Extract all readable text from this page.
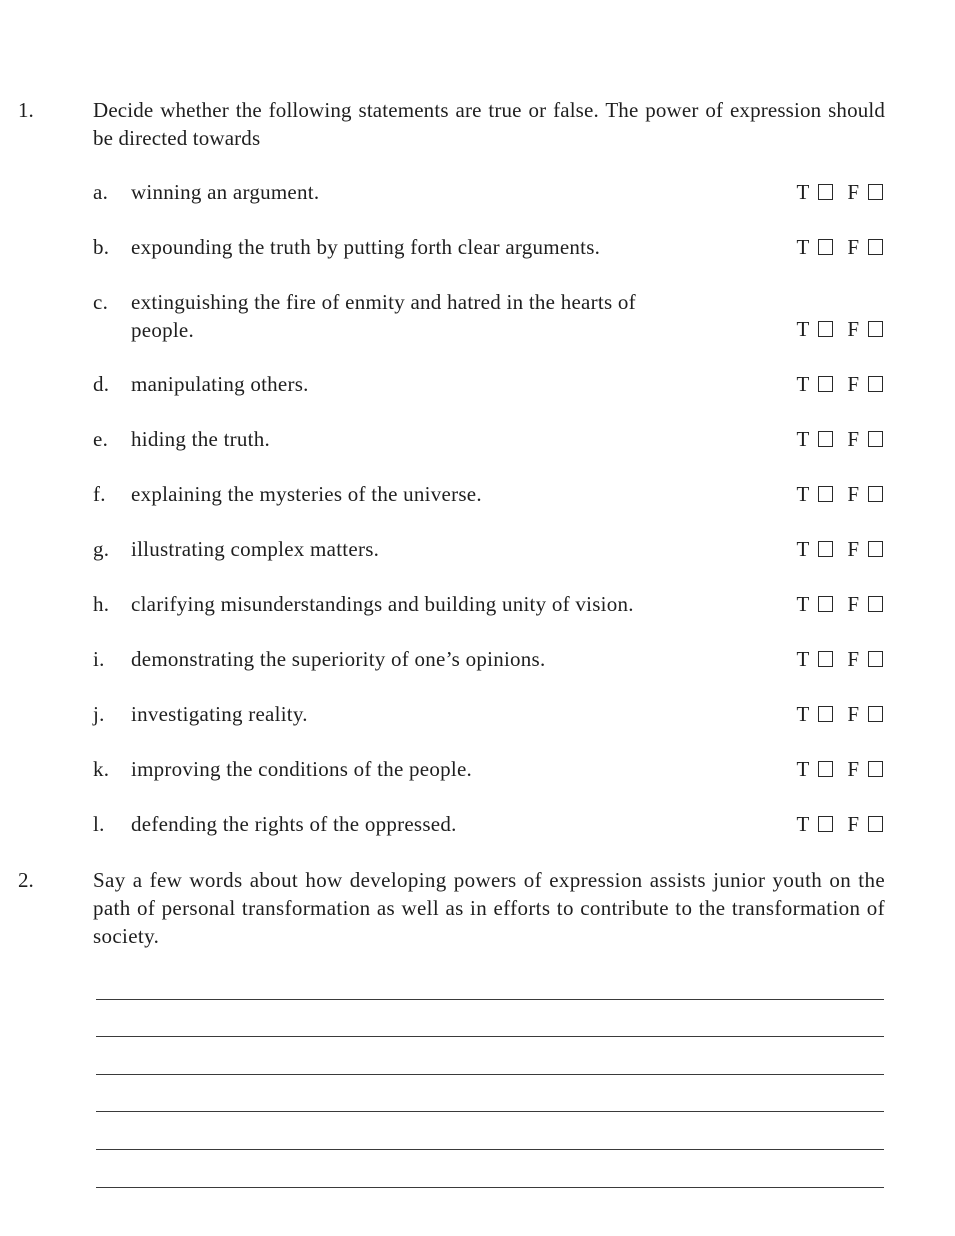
1.	Decide whether the following statements are true or false. The power of expression should be directed towards
a. winning an argument.	T F
b. expounding the truth by putting forth clear arguments.	T F
c. extinguishing the fire of enmity and hatred in the hearts of people.	T F
d. manipulating others.	T F
e. hiding the truth.	T F
f. explaining the mysteries of the universe.	T F
g. illustrating complex matters.	T F
h. clarifying misunderstandings and building unity of vision.	T F
i. demonstrating the superiority of one’s opinions.	T F
j. investigating reality.	T F
k. improving the conditions of the people.	T F
l. defending the rights of the oppressed.	T F
2.	Say a few words about how developing powers of expression assists junior youth on the path of personal transformation as well as in efforts to contribute to the transformation of society.
